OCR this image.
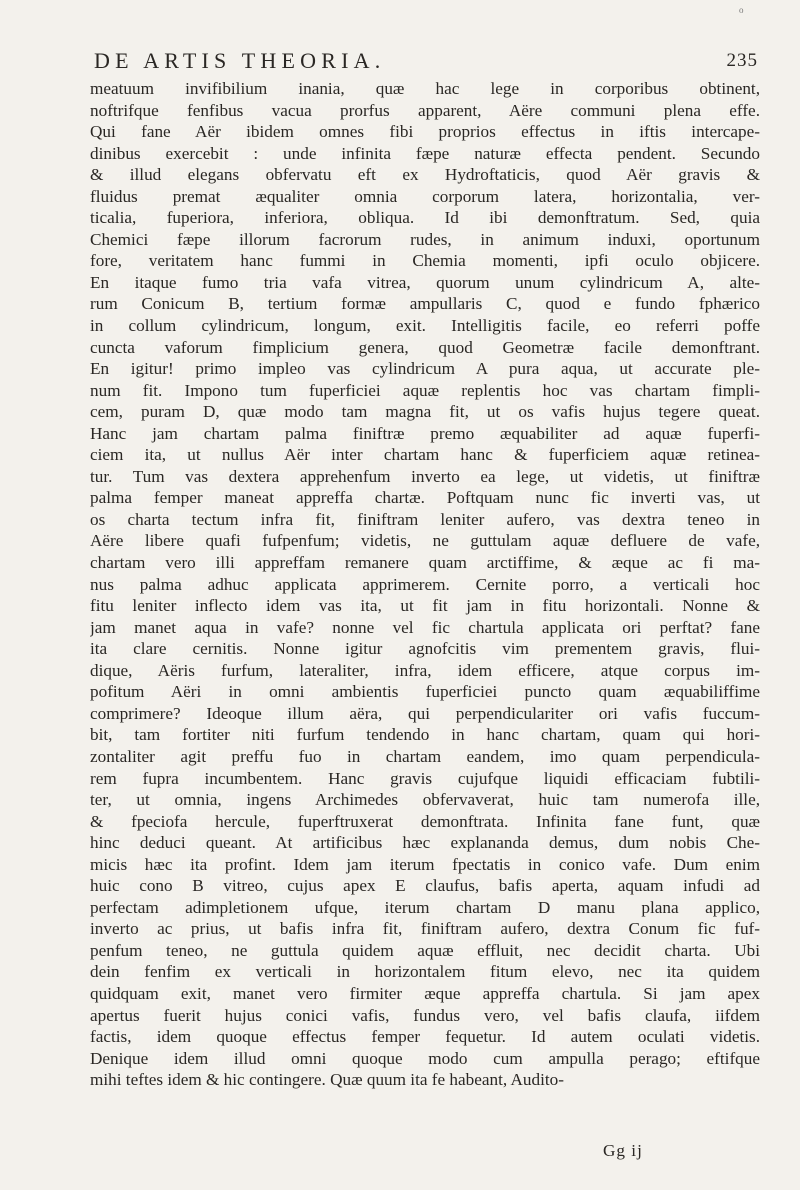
o
DE ARTIS THEORIA.	235
meatuum invifibilium inania, quæ hac lege in corporibus obtinent,
noftrifque fenfibus vacua prorfus apparent, Aëre communi plena effe.
Qui fane Aër ibidem omnes fibi proprios effectus in iftis intercape-
dinibus exercebit : unde infinita fæpe naturæ effecta pendent. Secundo
& illud elegans obfervatu eft ex Hydroftaticis, quod Aër gravis &
fluidus premat æqualiter omnia corporum latera, horizontalia, ver-
ticalia, fuperiora, inferiora, obliqua. Id ibi demonftratum. Sed, quia
Chemici fæpe illorum facrorum rudes, in animum induxi, oportunum
fore, veritatem hanc fummi in Chemia momenti, ipfi oculo objicere.
En itaque fumo tria vafa vitrea, quorum unum cylindricum A, alte-
rum Conicum B, tertium formæ ampullaris C, quod e fundo fphærico
in collum cylindricum, longum, exit. Intelligitis facile, eo referri poffe
cuncta vaforum fimplicium genera, quod Geometræ facile demonftrant.
En igitur! primo impleo vas cylindricum A pura aqua, ut accurate ple-
num fit. Impono tum fuperficiei aquæ replentis hoc vas chartam fimpli-
cem, puram D, quæ modo tam magna fit, ut os vafis hujus tegere queat.
Hanc jam chartam palma finiftræ premo æquabiliter ad aquæ fuperfi-
ciem ita, ut nullus Aër inter chartam hanc & fuperficiem aquæ retinea-
tur. Tum vas dextera apprehenfum inverto ea lege, ut videtis, ut finiftræ
palma femper maneat appreffa chartæ. Poftquam nunc fic inverti vas, ut
os charta tectum infra fit, finiftram leniter aufero, vas dextra teneo in
Aëre libere quafi fufpenfum; videtis, ne guttulam aquæ defluere de vafe,
chartam vero illi appreffam remanere quam arctiffime, & æque ac fi ma-
nus palma adhuc applicata apprimerem. Cernite porro, a verticali hoc
fitu leniter inflecto idem vas ita, ut fit jam in fitu horizontali. Nonne &
jam manet aqua in vafe? nonne vel fic chartula applicata ori perftat? fane
ita clare cernitis. Nonne igitur agnofcitis vim prementem gravis, flui-
dique, Aëris furfum, lateraliter, infra, idem efficere, atque corpus im-
pofitum Aëri in omni ambientis fuperficiei puncto quam æquabiliffime
comprimere? Ideoque illum aëra, qui perpendiculariter ori vafis fuccum-
bit, tam fortiter niti furfum tendendo in hanc chartam, quam qui hori-
zontaliter agit preffu fuo in chartam eandem, imo quam perpendicula-
rem fupra incumbentem. Hanc gravis cujufque liquidi efficaciam fubtili-
ter, ut omnia, ingens Archimedes obfervaverat, huic tam numerofa ille,
& fpeciofa hercule, fuperftruxerat demonftrata. Infinita fane funt, quæ
hinc deduci queant. At artificibus hæc explananda demus, dum nobis Che-
micis hæc ita profint. Idem jam iterum fpectatis in conico vafe. Dum enim
huic cono B vitreo, cujus apex E claufus, bafis aperta, aquam infudi ad
perfectam adimpletionem ufque, iterum chartam D manu plana applico,
inverto ac prius, ut bafis infra fit, finiftram aufero, dextra Conum fic fuf-
penfum teneo, ne guttula quidem aquæ effluit, nec decidit charta. Ubi
dein fenfim ex verticali in horizontalem fitum elevo, nec ita quidem
quidquam exit, manet vero firmiter æque appreffa chartula. Si jam apex
apertus fuerit hujus conici vafis, fundus vero, vel bafis claufa, iifdem
factis, idem quoque effectus femper fequetur. Id autem oculati videtis.
Denique idem illud omni quoque modo cum ampulla perago; eftifque
mihi teftes idem & hic contingere. Quæ quum ita fe habeant, Audito-
Gg ij
